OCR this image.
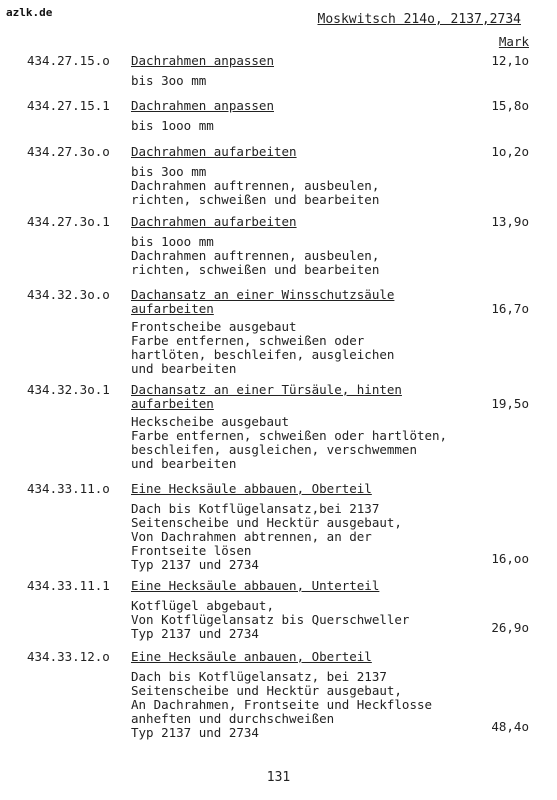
azlk.de	Moskwitsch 214o, 2137,2734
Mark
434.27.15.o Dachrahmen anpassen
bis 3oo mm
12,1o
434.27.15.1 Dachrahmen anpassen
bis 1ooo mm
15,8o
434.27.3o.o Dachrahmen aufarbeiten
bis 3oo mm
Dachrahmen auftrennen, ausbeulen,
richten, schweißen und bearbeiten
1o,2o
434.27.3o.1 Dachrahmen aufarbeiten
bis 1ooo mm
Dachrahmen auftrennen, ausbeulen,
richten, schweißen und bearbeiten
13,9o
434.32.3o.o Dachansatz an einer Winsschutzsäule
aufarbeiten
Frontscheibe ausgebaut
Farbe entfernen, schweißen oder
hartlöten, beschleifen, ausgleichen
und bearbeiten
16,7o
434.32.3o.1 Dachansatz an einer Türsäule, hinten
aufarbeiten
Heckscheibe ausgebaut
Farbe entfernen, schweißen oder hartlöten,
beschleifen, ausgleichen, verschwemmen
und bearbeiten
19,5o
434.33.11.o Eine Hecksäule abbauen, Oberteil
Dach bis Kotflügelansatz,bei 2137
Seitenscheibe und Hecktür ausgebaut,
Von Dachrahmen abtrennen, an der
Frontseite lösen
Typ 2137 und 2734	16,oo
434.33.11.1 Eine Hecksäule abbauen, Unterteil
Kotflügel abgebaut,
Von Kotflügelansatz bis Querschweller
Typ 2137 und 2734	26,9o
434.33.12.o Eine Hecksäule anbauen, Oberteil
Dach bis Kotflügelansatz, bei 2137
Seitenscheibe und Hecktür ausgebaut,
An Dachrahmen, Frontseite und Heckflosse
anheften und durchschweißen
Typ 2137 und 2734	48,4o
131
